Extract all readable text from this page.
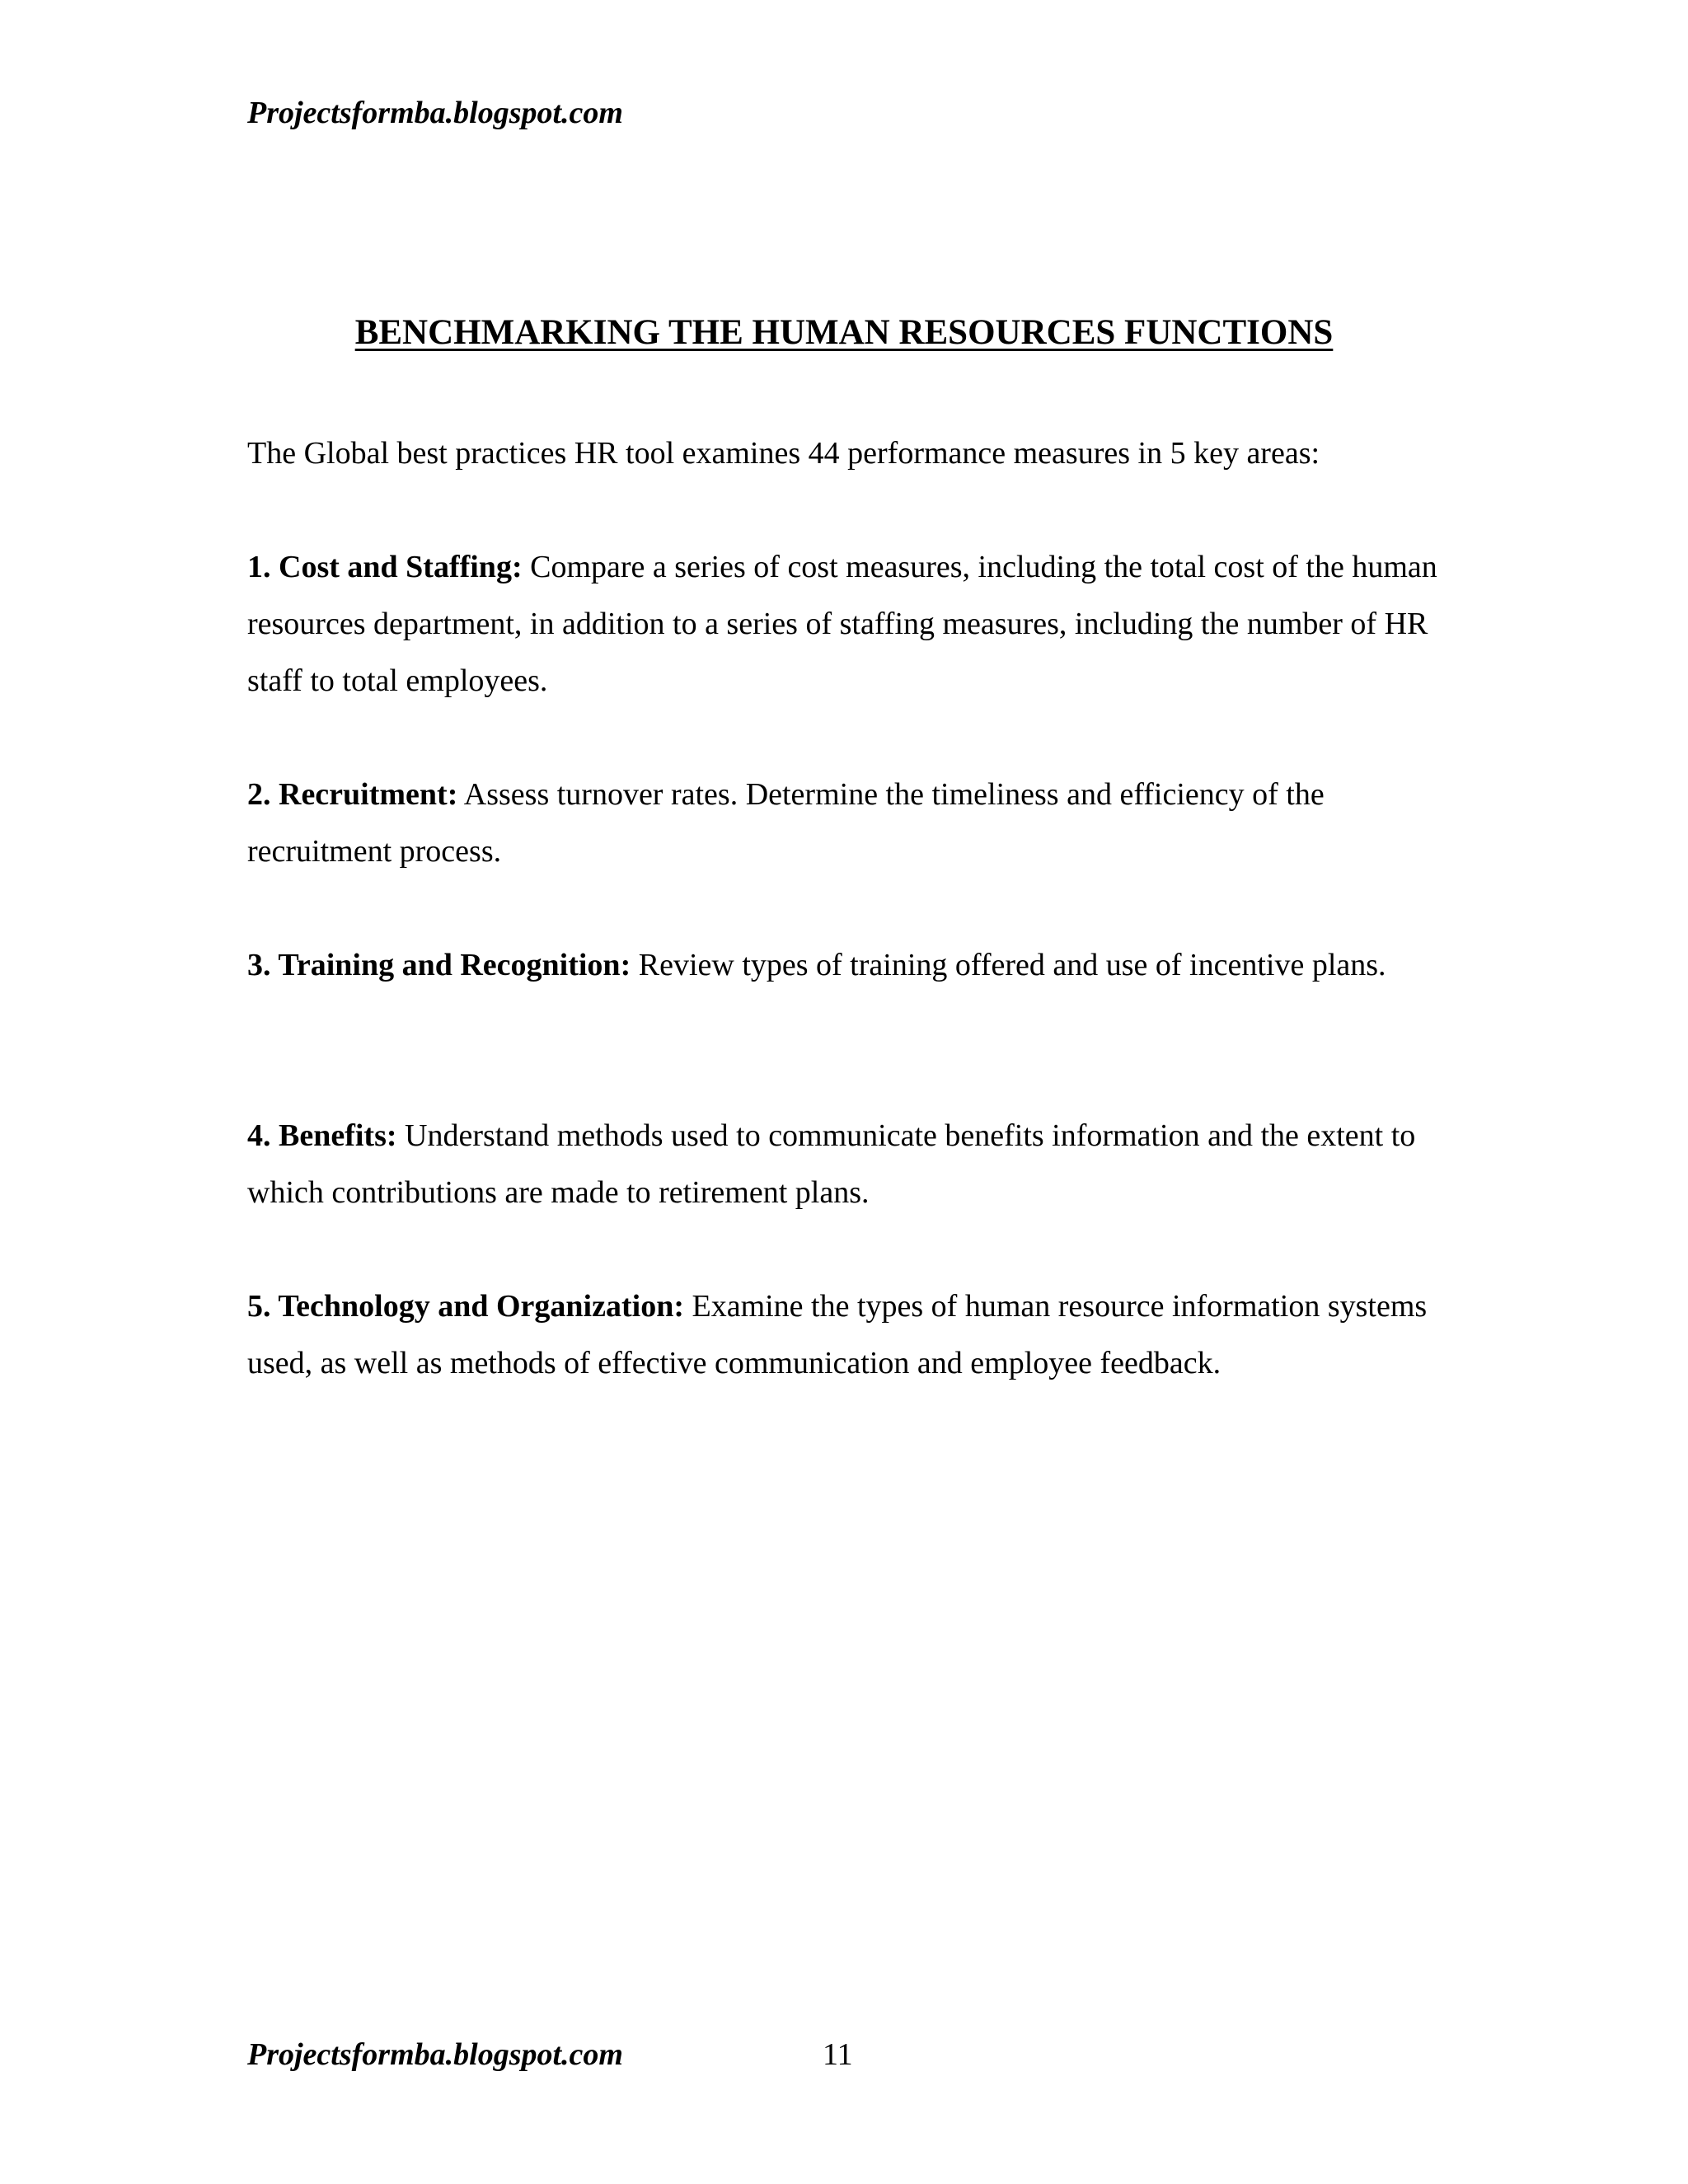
Projectsformba.blogspot.com
BENCHMARKING THE HUMAN RESOURCES FUNCTIONS

The Global best practices HR tool examines 44 performance measures in 5 key areas:

1. Cost and Staffing: Compare a series of cost measures, including the total cost of the human resources department, in addition to a series of staffing measures, including the number of HR staff to total employees.

2. Recruitment: Assess turnover rates. Determine the timeliness and efficiency of the recruitment process.

3. Training and Recognition: Review types of training offered and use of incentive plans.

4. Benefits: Understand methods used to communicate benefits information and the extent to which contributions are made to retirement plans.

5. Technology and Organization: Examine the types of human resource information systems used, as well as methods of effective communication and employee feedback.

Projectsformba.blogspot.com	11
